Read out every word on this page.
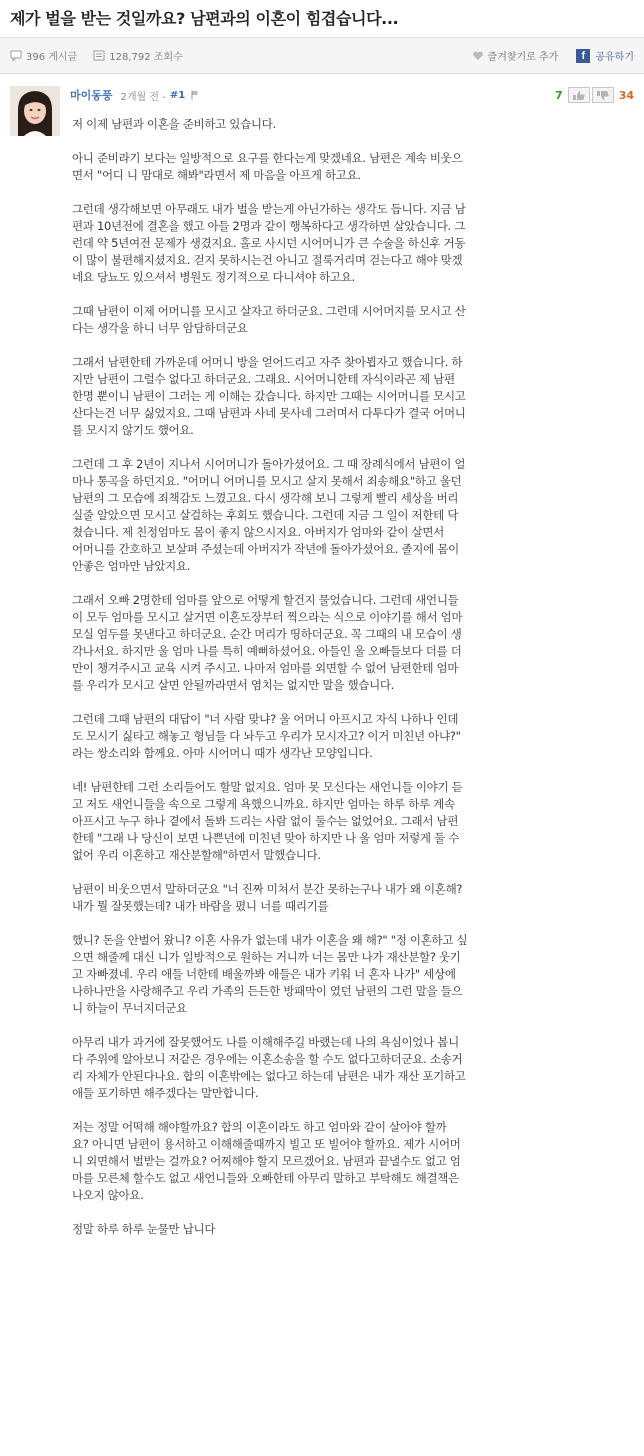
제가 벌을 받는 것일까요? 남편과의 이혼이 힘겹습니다...
396 게시글	128,792 조회수	즐겨찾기로 추가	f	공유하기
마이동풍 2개월 전 - #1	7	34

저 이제 남편과 이혼을 준비하고 있습니다.

아니 준비라기 보다는 일방적으로 요구를 한다는게 맞겠네요. 남편은 계속 비웃으
면서 "어디 니 맘대로 해봐"라면서 제 마음을 아프게 하고요.

그런데 생각해보면 아무래도 내가 벌을 받는게 아닌가하는 생각도 듭니다. 지금 남
편과 10년전에 결혼을 했고 아들 2명과 같이 행복하다고 생각하면 살았습니다. 그
런데 약 5년여전 문제가 생겼지요. 홀로 사시던 시어머니가 큰 수술을 하신후 거동
이 많이 불편해지셨지요. 걷지 못하시는건 아니고 절룩거리며 걷는다고 해야 맞겠
네요 당뇨도 있으셔서 병원도 정기적으로 다니셔야 하고요.

그때 남편이 이제 어머니를 모시고 살자고 하더군요. 그런데 시어머지를 모시고 산
다는 생각을 하니 너무 암담하더군요

그래서 남편한테 가까운데 어머니 방을 얻어드리고 자주 찾아뵙자고 했습니다. 하
지만 남편이 그럴수 없다고 하더군요. 그래요. 시어머니한테 자식이라곤 제 남편
한명 뿐이니 남편이 그러는 게 이해는 갔습니다. 하지만 그때는 시어머니를 모시고
산다는건 너무 싫었지요. 그때 남편과 사네 못사네 그러며서 다투다가 결국 어머니
를 모시지 않기도 했어요.

그런데 그 후 2년이 지나서 시어머니가 돌아가셨어요. 그 때 장례식에서 남편이 얼
마나 통곡을 하던지요. "어머니 어머니를 모시고 살지 못해서 죄송해요"하고 울던
남편의 그 모습에 죄책감도 느꼈고요. 다시 생각해 보니 그렇게 빨리 세상을 버리
실줄 알았으면 모시고 살걸하는 후회도 했습니다. 그런데 지금 그 일이 저한테 닥
쳤습니다. 제 친정엄마도 몸이 좋지 않으시지요. 아버지가 엄마와 같이 살면서
어머니를 간호하고 보살펴 주셨는데 아버지가 작년에 돌아가셨어요. 졸지에 몸이
안좋은 엄마만 남았지요.

그래서 오빠 2명한테 엄마를 앞으로 어떻게 할건지 물었습니다. 그런데 새언니들
이 모두 엄마를 모시고 살거면 이혼도장부터 찍으라는 식으로 이야기를 해서 엄마
모실 엄두를 못낸다고 하더군요. 순간 머리가 띵하더군요. 꼭 그때의 내 모습이 생
각나서요. 하지만 울 엄마 나를 특히 예뻐하셨어요. 아들인 울 오빠들보다 더를 더
만이 챙겨주시고 교육 시켜 주시고. 나마저 엄마를 외면할 수 없어 남편한테 엄마
를 우리가 모시고 살면 안될까라면서 염치는 없지만 말을 했습니다.

그런데 그때 남편의 대답이 "너 사람 맞냐? 울 어머니 아프시고 자식 나하나 인데
도 모시기 싫타고 해놓고 형님들 다 놔두고 우리가 모시자고? 이거 미친년 아냐?"
라는 쌍소리와 함께요. 아마 시어머니 때가 생각난 모양입니다.

네! 남편한테 그런 소리들어도 할말 없지요. 엄마 못 모신다는 새언니들 이야기 듣
고 저도 새언니들을 속으로 그렇게 욕했으니까요. 하지만 엄마는 하루 하루 계속
아프시고 누구 하나 곁에서 돌봐 드리는 사람 없이 둘수는 없었어요. 그래서 남편
한테 "그래 나 당신이 보면 나쁜년에 미친년 맞아 하지만 나 울 엄마 저렇게 둘 수
없어 우리 이혼하고 재산분할해"하면서 말했습니다.

남편이 비웃으면서 말하더군요 "너 진짜 미쳐서 분간 못하는구나 내가 왜 이혼해?
내가 뭘 잘못했는데? 내가 바람을 폈니 너를 때리기를

했니? 돈을 안벌어 왔니? 이혼 사유가 없는데 내가 이혼을 왜 해?" "정 이혼하고 싶
으면 해줄께 대신 니가 일방적으로 원하는 거니까 너는 몸만 나가 재산분할? 웃기
고 자빠졌네. 우리 애들 너한테 배울까봐 애들은 내가 키워 너 혼자 나가" 세상에
나하나만을 사랑해주고 우리 가족의 든든한 방패막이 였던 남편의 그런 말을 들으
니 하늘이 무너지더군요

아무리 내가 과거에 잘못했어도 나를 이해해주길 바랬는데 나의 욕심이었나 봅니
다 주위에 알아보니 저같은 경우에는 이혼소송을 할 수도 없다고하더군요. 소송거
리 자체가 안된다나요. 합의 이혼밖에는 없다고 하는데 남편은 내가 재산 포기하고
애들 포기하면 해주겠다는 말만합니다.

저는 정말 어떡해 해야할까요? 합의 이혼이라도 하고 엄마와 같이 살아야 할까
요? 아니면 남편이 용서하고 이해해줄때까지 빌고 또 빌어야 할까요. 제가 시어머
니 외면해서 벌받는 걸까요? 어찌해야 할지 모르겠어요. 남편과 끝낼수도 없고 엄
마를 모른체 할수도 없고 새언니들와 오빠한테 아무리 말하고 부탁해도 해결책은
나오지 않아요.

정말 하루 하루 눈물만 납니다
